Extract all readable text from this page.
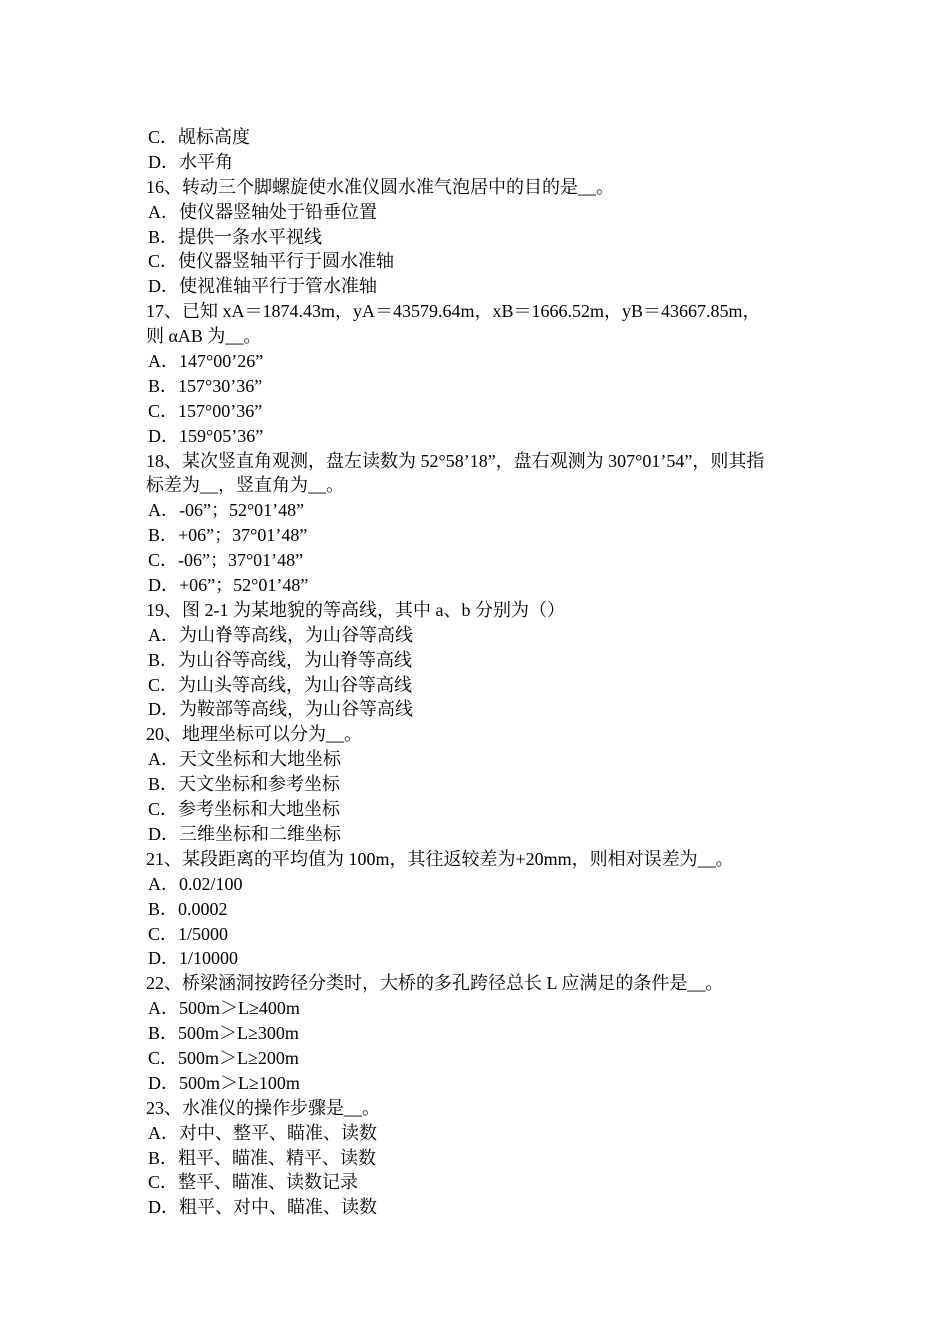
C．觇标高度
D．水平角
16、转动三个脚螺旋使水准仪圆水准气泡居中的目的是__。
A．使仪器竖轴处于铅垂位置
B．提供一条水平视线
C．使仪器竖轴平行于圆水准轴
D．使视准轴平行于管水准轴
17、已知 xA＝1874.43m，yA＝43579.64m，xB＝1666.52m，yB＝43667.85m，
则 αAB 为__。
A．147°00’26”
B．157°30’36”
C．157°00’36”
D．159°05’36”
18、某次竖直角观测，盘左读数为 52°58’18”，盘右观测为 307°01’54”，则其指
标差为__，竖直角为__。
A．-06”；52°01’48”
B．+06”；37°01’48”
C．-06”；37°01’48”
D．+06”；52°01’48”
19、图 2-1 为某地貌的等高线，其中 a、b 分别为（）
A．为山脊等高线，为山谷等高线
B．为山谷等高线，为山脊等高线
C．为山头等高线，为山谷等高线
D．为鞍部等高线，为山谷等高线
20、地理坐标可以分为__。
A．天文坐标和大地坐标
B．天文坐标和参考坐标
C．参考坐标和大地坐标
D．三维坐标和二维坐标
21、某段距离的平均值为 100m，其往返较差为+20mm，则相对误差为__。
A．0.02/100
B．0.0002
C．1/5000
D．1/10000
22、桥梁涵洞按跨径分类时，大桥的多孔跨径总长 L 应满足的条件是__。
A．500m＞L≥400m
B．500m＞L≥300m
C．500m＞L≥200m
D．500m＞L≥100m
23、水准仪的操作步骤是__。
A．对中、整平、瞄准、读数
B．粗平、瞄准、精平、读数
C．整平、瞄准、读数记录
D．粗平、对中、瞄准、读数
